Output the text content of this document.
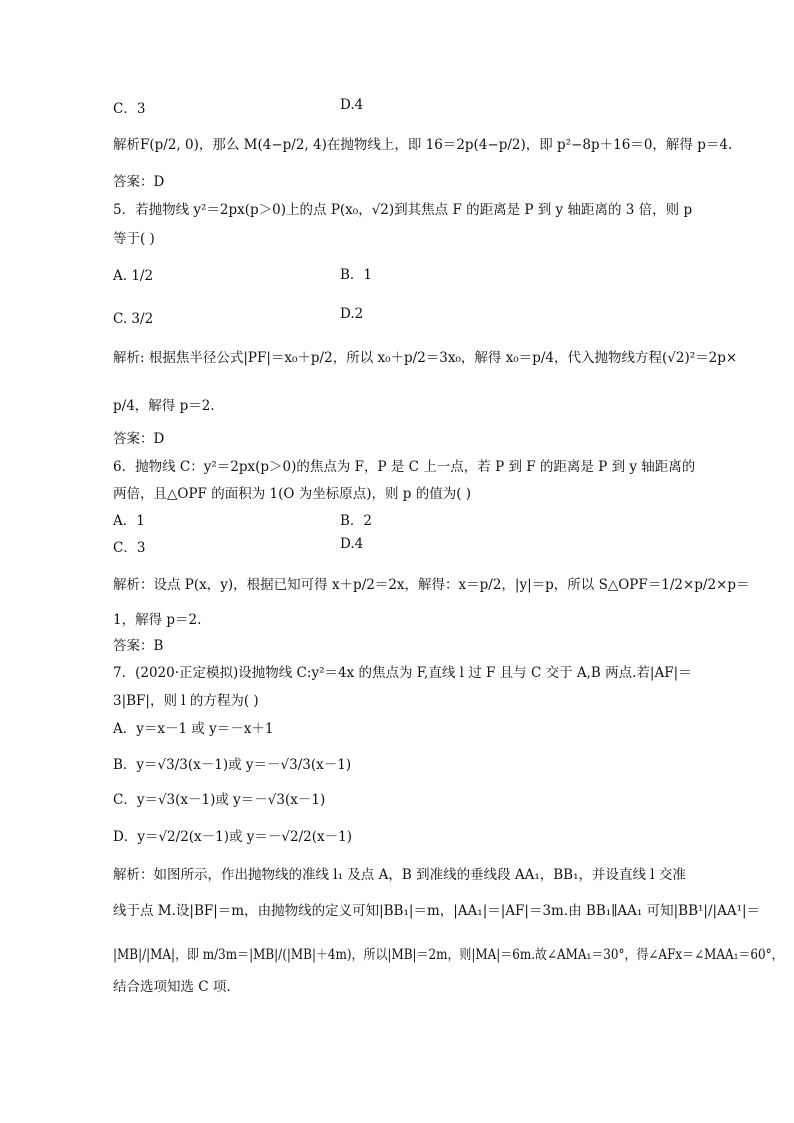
C．3	D.4
解析F(p/2, 0)，那么 M(4−p/2, 4)在抛物线上，即 16＝2p(4−p/2)，即 p²−8p＋16＝0，解得 p＝4.
答案：D
5．若抛物线 y²＝2px(p＞0)上的点 P(x₀，√2)到其焦点 F 的距离是 P 到 y 轴距离的 3 倍，则 p
等于( )
A. 1/2	B．1
C. 3/2	D.2
解析: 根据焦半径公式|PF|＝x₀＋p/2，所以 x₀＋p/2＝3x₀，解得 x₀＝p/4，代入抛物线方程(√2)²＝2p×
p/4，解得 p＝2.
答案：D
6．抛物线 C：y²＝2px(p＞0)的焦点为 F，P 是 C 上一点，若 P 到 F 的距离是 P 到 y 轴距离的
两倍，且△OPF 的面积为 1(O 为坐标原点)，则 p 的值为( )
A．1	B．2
C．3	D.4
解析：设点 P(x，y)，根据已知可得 x＋p/2＝2x，解得：x＝p/2，|y|＝p，所以 S△OPF＝1/2×p/2×p＝
1，解得 p＝2.
答案：B
7．(2020·正定模拟)设抛物线 C:y²＝4x 的焦点为 F,直线 l 过 F 且与 C 交于 A,B 两点.若|AF|＝
3|BF|，则 l 的方程为( )
A．y＝x－1 或 y＝－x＋1
B．y＝√3/3(x－1)或 y＝－√3/3(x－1)
C．y＝√3(x－1)或 y＝－√3(x－1)
D．y＝√2/2(x－1)或 y＝－√2/2(x－1)
解析：如图所示，作出抛物线的准线 l₁ 及点 A，B 到准线的垂线段 AA₁，BB₁，并设直线 l 交准
线于点 M.设|BF|＝m，由抛物线的定义可知|BB₁|＝m，|AA₁|＝|AF|＝3m.由 BB₁∥AA₁ 可知|BB¹|/|AA¹|＝
|MB|/|MA|，即 m/3m＝|MB|/(|MB|＋4m)，所以|MB|＝2m，则|MA|＝6m.故∠AMA₁＝30°，得∠AFx＝∠MAA₁＝60°，
结合选项知选 C 项.
